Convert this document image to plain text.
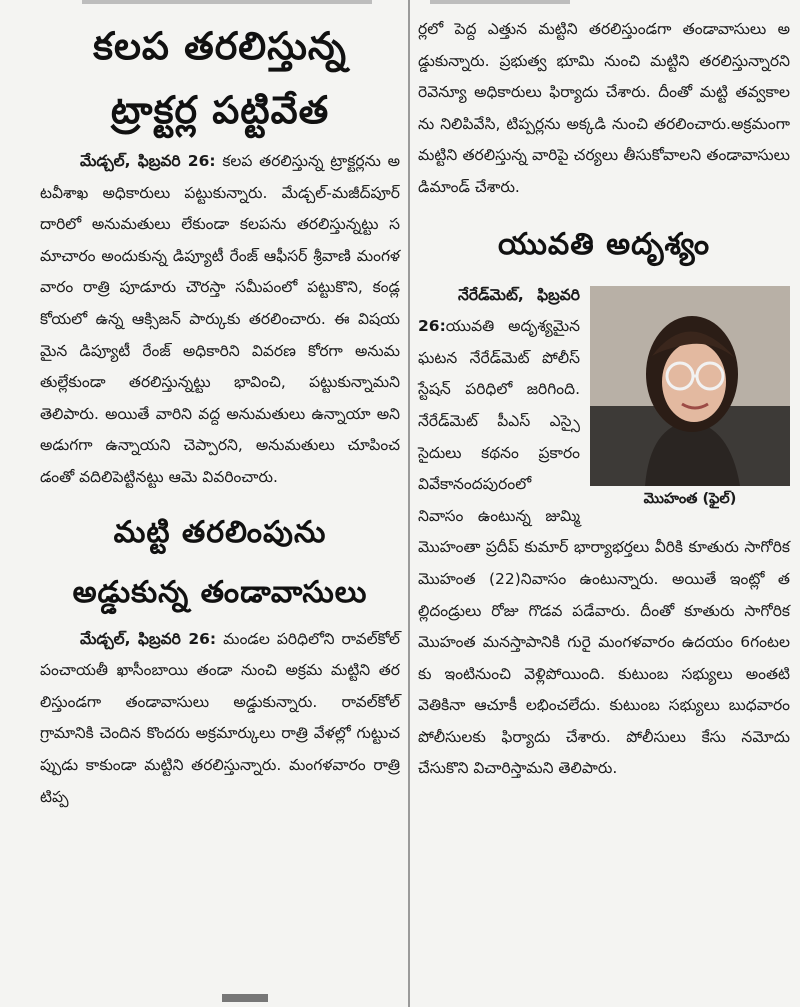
కలప తరలిస్తున్న
ట్రాక్టర్ల పట్టివేత

మేడ్చల్, ఫిబ్రవరి 26: కలప తరలిస్తున్న ట్రాక్టర్లను అటవీశాఖ అధికారులు పట్టుకున్నారు. మేడ్చల్-మజీద్‌పూర్ దారిలో అనుమతులు లేకుండా కలపను తరలిస్తున్నట్టు సమాచారం అందుకున్న డిప్యూటీ రేంజ్ ఆఫీసర్ శ్రీవాణి మంగళవారం రాత్రి పూడూరు చౌరస్తా సమీపంలో పట్టుకొని, కండ్లకోయలో ఉన్న ఆక్సిజన్ పార్కుకు తరలించారు. ఈ విషయమైన డిప్యూటీ రేంజ్ అధికారిని వివరణ కోరగా అనుమతుల్లేకుండా తరలిస్తున్నట్టు భావించి, పట్టుకున్నామని తెలిపారు. అయితే వారిని వద్ద అనుమతులు ఉన్నాయా అని అడుగగా ఉన్నాయని చెప్పారని, అనుమతులు చూపించడంతో వదిలిపెట్టినట్టు ఆమె వివరించారు.

మట్టి తరలింపును
అడ్డుకున్న తండావాసులు

మేడ్చల్, ఫిబ్రవరి 26: మండల పరిధిలోని రావల్‌కోల్ పంచాయతీ ఖాసీంబాయి తండా నుంచి అక్రమ మట్టిని తరలిస్తుండగా తండావాసులు అడ్డుకున్నారు. రావల్‌కోల్ గ్రామానికి చెందిన కొందరు అక్రమార్కులు రాత్రి వేళల్లో గుట్టుచప్పుడు కాకుండా మట్టిని తరలిస్తున్నారు. మంగళవారం రాత్రి టిప్ప

ర్లలో పెద్ద ఎత్తున మట్టిని తరలిస్తుండగా తండావాసులు అడ్డుకున్నారు. ప్రభుత్వ భూమి నుంచి మట్టిని తరలిస్తున్నారని రెవెన్యూ అధికారులు ఫిర్యాదు చేశారు. దీంతో మట్టి తవ్వకాలను నిలిపివేసి, టిప్పర్లను అక్కడి నుంచి తరలించారు.అక్రమంగా మట్టిని తరలిస్తున్న వారిపై చర్యలు తీసుకోవాలని తండావాసులు డిమాండ్ చేశారు.

యువతి అదృశ్యం
మొహంత (ఫైల్)

నేరేడ్‌మెట్, ఫిబ్రవరి 26:యువతి అదృశ్యమైన ఘటన నేరేడ్‌మెట్ పోలీస్ స్టేషన్ పరిధిలో జరిగింది. నేరేడ్‌మెట్ పీఎస్ ఎస్సై సైదులు కథనం ప్రకారం వివేకానందపురంలో నివాసం ఉంటున్న జుమ్మి మొహంతా ప్రదీప్ కుమార్ భార్యాభర్తలు వీరికి కూతురు సాగోరిక మొహంత (22)నివాసం ఉంటున్నారు. అయితే ఇంట్లో తల్లిదండ్రులు రోజు గొడవ పడేవారు. దీంతో కూతురు సాగోరిక మొహంత మనస్తాపానికి గురై మంగళవారం ఉదయం 6గంటలకు ఇంటినుంచి వెళ్లిపోయింది. కుటుంబ సభ్యులు అంతటి వెతికినా ఆచూకీ లభించలేదు. కుటుంబ సభ్యులు బుధవారం పోలీసులకు ఫిర్యాదు చేశారు. పోలీసులు కేసు నమోదు చేసుకొని విచారిస్తామని తెలిపారు.
